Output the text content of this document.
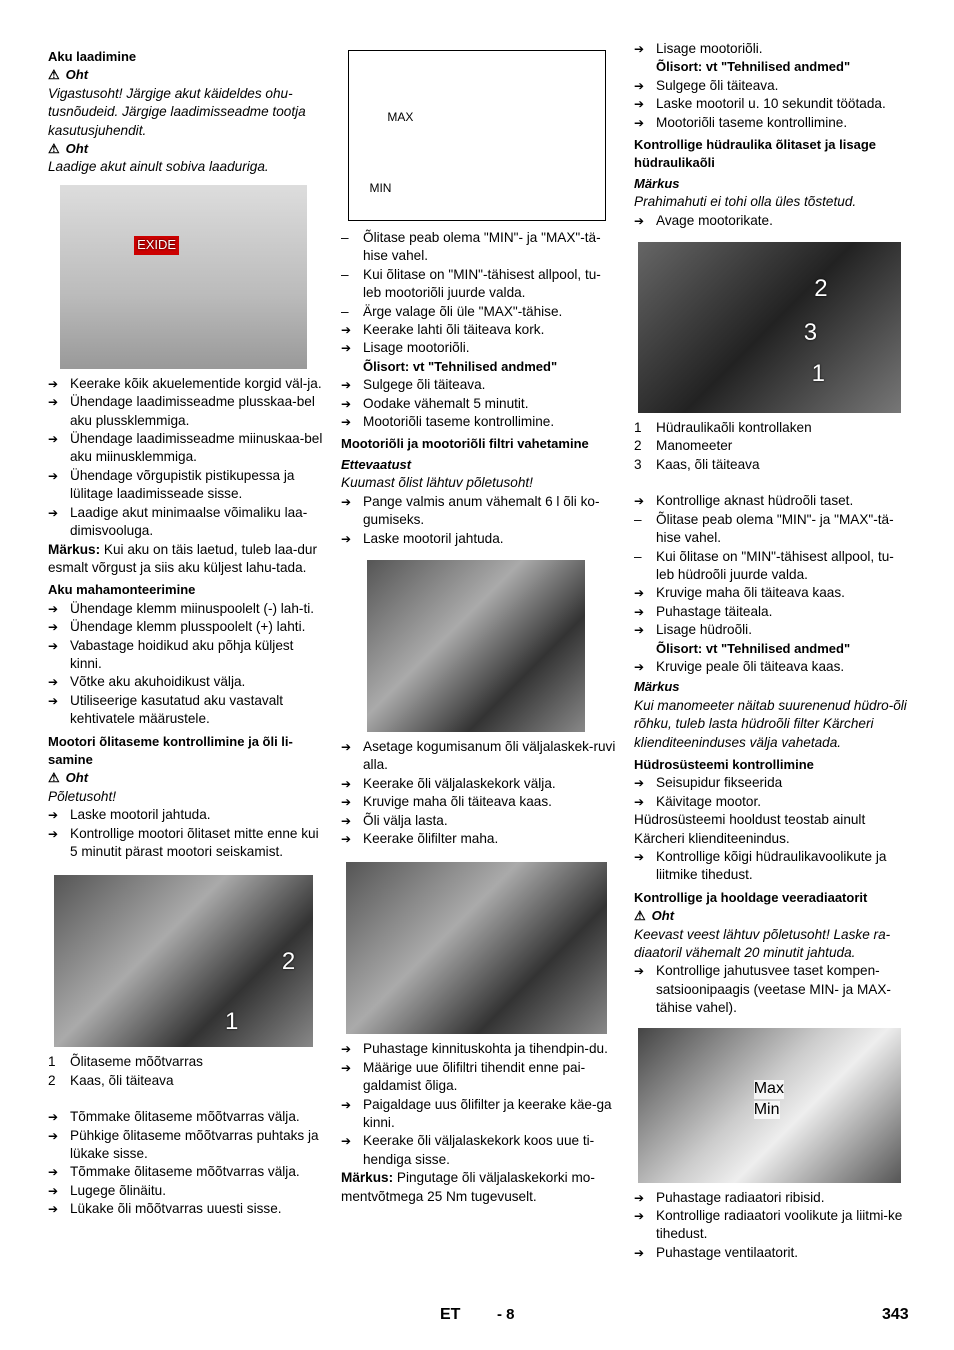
Aku laadimine
⚠ Oht
Vigastusoht! Järgige akut käideldes ohu-tusnõudeid. Järgige laadimisseadme tootja kasutusjuhendit.
⚠ Oht
Laadige akut ainult sobiva laaduriga.
EXIDE
➔ Keerake kõik akuelementide korgid väl-ja.
➔ Ühendage laadimisseadme plusskaa-bel aku plussklemmiga.
➔ Ühendage laadimisseadme miinuskaa-bel aku miinusklemmiga.
➔ Ühendage võrgupistik pistikupessa ja lülitage laadimisseade sisse.
➔ Laadige akut minimaalse võimaliku laa-dimisvooluga.
Märkus: Kui aku on täis laetud, tuleb laa-dur esmalt võrgust ja siis aku küljest lahu-tada.
Aku mahamonteerimine
➔ Ühendage klemm miinuspoolelt (-) lah-ti.
➔ Ühendage klemm plusspoolelt (+) lahti.
➔ Vabastage hoidikud aku põhja küljest kinni.
➔ Võtke aku akuhoidikust välja.
➔ Utiliseerige kasutatud aku vastavalt kehtivatele määrustele.
Mootori õlitaseme kontrollimine ja õli li-samine
⚠ Oht
Põletusoht!
➔ Laske mootoril jahtuda.
➔ Kontrollige mootori õlitaset mitte enne kui 5 minutit pärast mootori seiskamist.
2
1
1 Õlitaseme mõõtvarras
2 Kaas, õli täiteava
➔ Tõmmake õlitaseme mõõtvarras välja.
➔ Pühkige õlitaseme mõõtvarras puhtaks ja lükake sisse.
➔ Tõmmake õlitaseme mõõtvarras välja.
➔ Lugege õlinäitu.
➔ Lükake õli mõõtvarras uuesti sisse.
MAX
MIN
– Õlitase peab olema "MIN"- ja "MAX"-tä-hise vahel.
– Kui õlitase on "MIN"-tähisest allpool, tu-leb mootoriõli juurde valda.
– Ärge valage õli üle "MAX"-tähise.
➔ Keerake lahti õli täiteava kork.
➔ Lisage mootoriõli.
Õlisort: vt "Tehnilised andmed"
➔ Sulgege õli täiteava.
➔ Oodake vähemalt 5 minutit.
➔ Mootoriõli taseme kontrollimine.
Mootoriõli ja mootoriõli filtri vahetamine
Ettevaatust
Kuumast õlist lähtuv põletusoht!
➔ Pange valmis anum vähemalt 6 l õli ko-gumiseks.
➔ Laske mootoril jahtuda.
➔ Asetage kogumisanum õli väljalaskek-ruvi alla.
➔ Keerake õli väljalaskekork välja.
➔ Kruvige maha õli täiteava kaas.
➔ Õli välja lasta.
➔ Keerake õlifilter maha.
➔ Puhastage kinnituskohta ja tihendpin-du.
➔ Määrige uue õlifiltri tihendit enne pai-galdamist õliga.
➔ Paigaldage uus õlifilter ja keerake käe-ga kinni.
➔ Keerake õli väljalaskekork koos uue ti-hendiga sisse.
Märkus: Pingutage õli väljalaskekorki mo-mentvõtmega 25 Nm tugevuselt.
➔ Lisage mootoriõli.
Õlisort: vt "Tehnilised andmed"
➔ Sulgege õli täiteava.
➔ Laske mootoril u. 10 sekundit töötada.
➔ Mootoriõli taseme kontrollimine.
Kontrollige hüdraulika õlitaset ja lisage hüdraulikaõli
Märkus
Prahimahuti ei tohi olla üles tõstetud.
➔ Avage mootorikate.
2
3
1
1 Hüdraulikaõli kontrollaken
2 Manomeeter
3 Kaas, õli täiteava
➔ Kontrollige aknast hüdroõli taset.
– Õlitase peab olema "MIN"- ja "MAX"-tä-hise vahel.
– Kui õlitase on "MIN"-tähisest allpool, tu-leb hüdroõli juurde valda.
➔ Kruvige maha õli täiteava kaas.
➔ Puhastage täiteala.
➔ Lisage hüdroõli.
Õlisort: vt "Tehnilised andmed"
➔ Kruvige peale õli täiteava kaas.
Märkus
Kui manomeeter näitab suurenenud hüdro-õli rõhku, tuleb lasta hüdroõli filter Kärcheri klienditeeninduses välja vahetada.
Hüdrosüsteemi kontrollimine
➔ Seisupidur fikseerida
➔ Käivitage mootor.
Hüdrosüsteemi hooldust teostab ainult Kärcheri klienditeenindus.
➔ Kontrollige kõigi hüdraulikavoolikute ja liitmike tihedust.
Kontrollige ja hooldage veeradiaatorit
⚠ Oht
Keevast veest lähtuv põletusoht! Laske ra-diaatoril vähemalt 20 minutit jahtuda.
➔ Kontrollige jahutusvee taset kompen-satsioonipaagis (veetase MIN- ja MAX-tähise vahel).
Max
Min
➔ Puhastage radiaatori ribisid.
➔ Kontrollige radiaatori voolikute ja liitmi-ke tihedust.
➔ Puhastage ventilaatorit.
ET - 8	343
